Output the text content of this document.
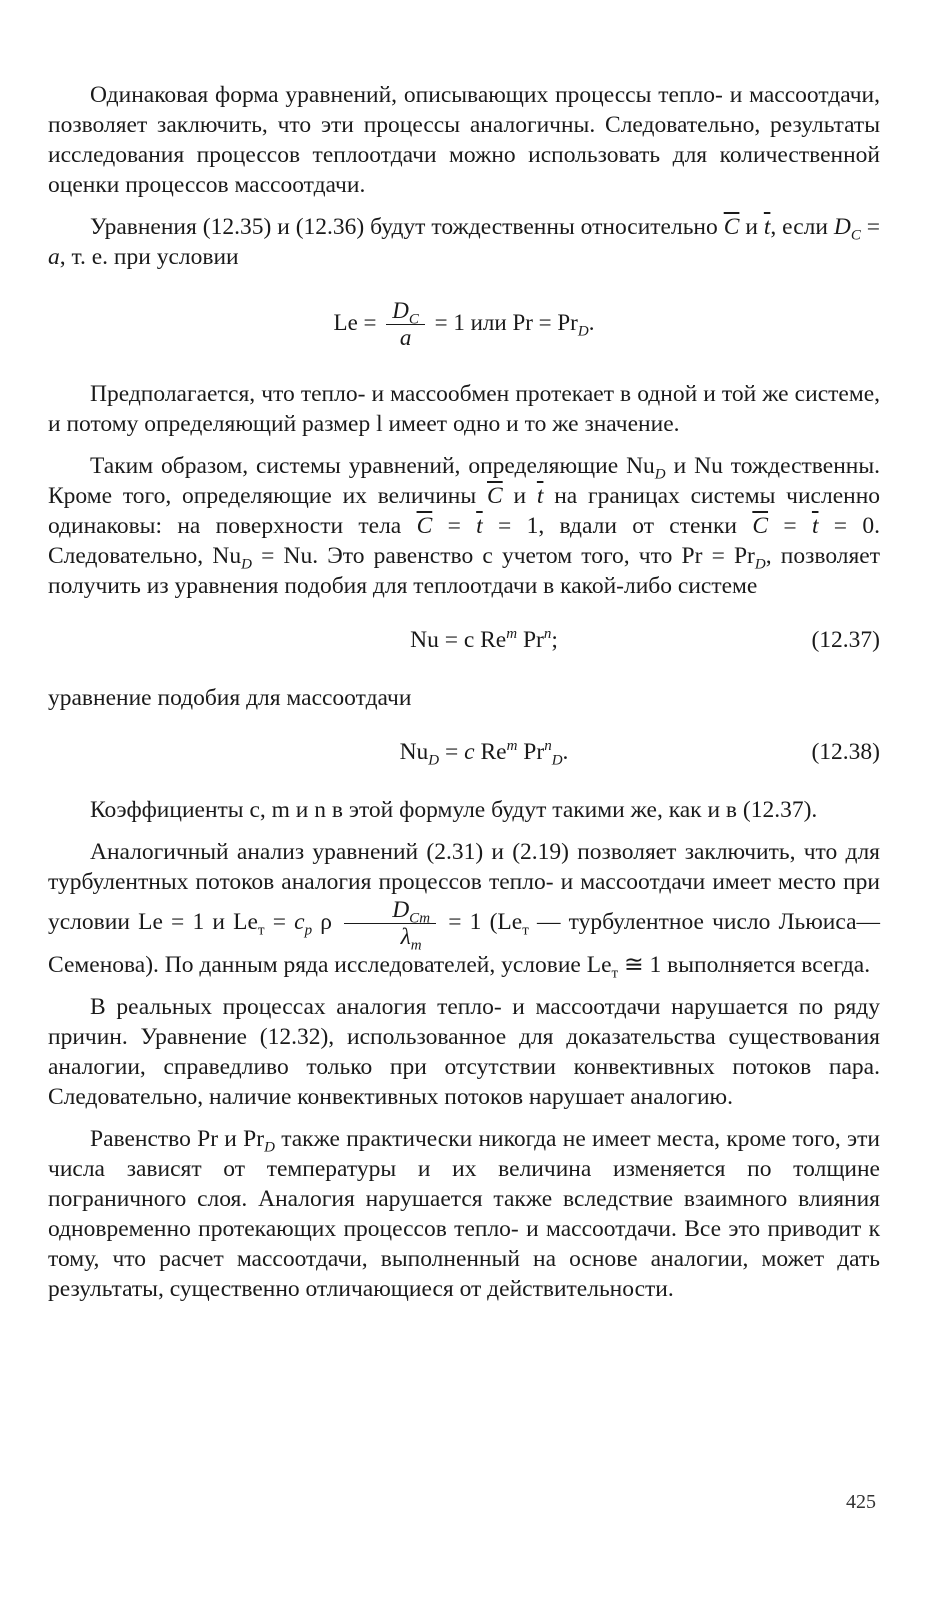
Одинаковая форма уравнений, описывающих процессы тепло- и массоотдачи, позволяет заключить, что эти процессы аналогичны. Следовательно, результаты исследования процессов теплоотдачи можно использовать для количественной оценки процессов массоотдачи.

Уравнения (12.35) и (12.36) будут тождественны относительно $\overline{C}$ и $\overline{t}$, если $D_C = a$, т. е. при условии

$Le = \frac{D_C}{a} = 1$ или $Pr = Pr_D$.

Предполагается, что тепло- и массообмен протекает в одной и той же системе, и потому определяющий размер l имеет одно и то же значение.

Таким образом, системы уравнений, определяющие $Nu_D$ и Nu тождественны. Кроме того, определяющие их величины $\overline{C}$ и $\overline{t}$ на границах системы численно одинаковы: на поверхности тела $\overline{C} = \overline{t} = 1$, вдали от стенки $\overline{C} = \overline{t} = 0$. Следовательно, $Nu_D = Nu$. Это равенство с учетом того, что $Pr = Pr_D$, позволяет получить из уравнения подобия для теплоотдачи в какой-либо системе

Nu = c Re$^m$ Pr$^n$;	(12.37)

уравнение подобия для массоотдачи

$Nu_D = c$ Re$^m$ $Pr^n_D$.	(12.38)

Коэффициенты c, m и n в этой формуле будут такими же, как и в (12.37).

Аналогичный анализ уравнений (2.31) и (2.19) позволяет заключить, что для турбулентных потоков аналогия процессов тепло- и массоотдачи имеет место при условии Le = 1 и $Le_т = c_p$ ρ $\frac{D_{Cт}}{\lambda_т} = 1$ ($Le_т$ — турбулентное число Льюиса—Семенова). По данным ряда исследователей, условие $Le_т$ ≅ 1 выполняется всегда.

В реальных процессах аналогия тепло- и массоотдачи нарушается по ряду причин. Уравнение (12.32), использованное для доказательства существования аналогии, справедливо только при отсутствии конвективных потоков пара. Следовательно, наличие конвективных потоков нарушает аналогию.

Равенство Pr и $Pr_D$ также практически никогда не имеет места, кроме того, эти числа зависят от температуры и их величина изменяется по толщине пограничного слоя. Аналогия нарушается также вследствие взаимного влияния одновременно протекающих процессов тепло- и массоотдачи. Все это приводит к тому, что расчет массоотдачи, выполненный на основе аналогии, может дать результаты, существенно отличающиеся от действительности.

425
